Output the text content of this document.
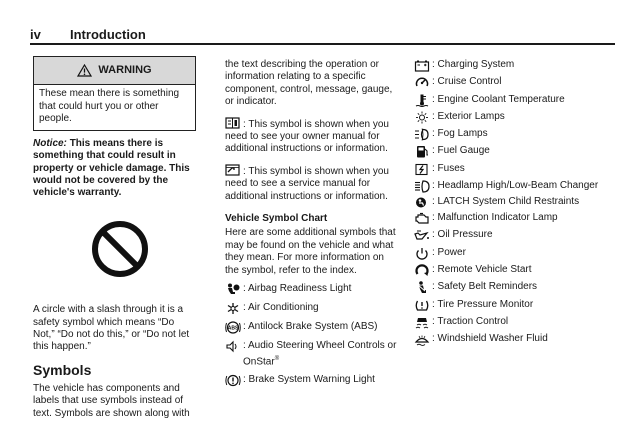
iv Introduction
WARNING
These mean there is something that could hurt you or other people.
Notice: This means there is something that could result in property or vehicle damage. This would not be covered by the vehicle's warranty.

A circle with a slash through it is a safety symbol which means “Do Not,” “Do not do this,” or “Do not let this happen.”

Symbols

The vehicle has components and labels that use symbols instead of text. Symbols are shown along with

the text describing the operation or information relating to a specific component, control, message, gauge, or indicator.

: This symbol is shown when you need to see your owner manual for additional instructions or information.

: This symbol is shown when you need to see a service manual for additional instructions or information.

Vehicle Symbol Chart

Here are some additional symbols that may be found on the vehicle and what they mean. For more information on the symbol, refer to the index.

: Airbag Readiness Light
: Air Conditioning
ABS : Antilock Brake System (ABS)
: Audio Steering Wheel Controls or OnStar®
: Brake System Warning Light
: Charging System
: Cruise Control
: Engine Coolant Temperature
: Exterior Lamps
: Fog Lamps
: Fuel Gauge
: Fuses
: Headlamp High/Low-Beam Changer
: LATCH System Child Restraints
: Malfunction Indicator Lamp
: Oil Pressure
: Power
: Remote Vehicle Start
: Safety Belt Reminders
: Tire Pressure Monitor
: Traction Control
: Windshield Washer Fluid
